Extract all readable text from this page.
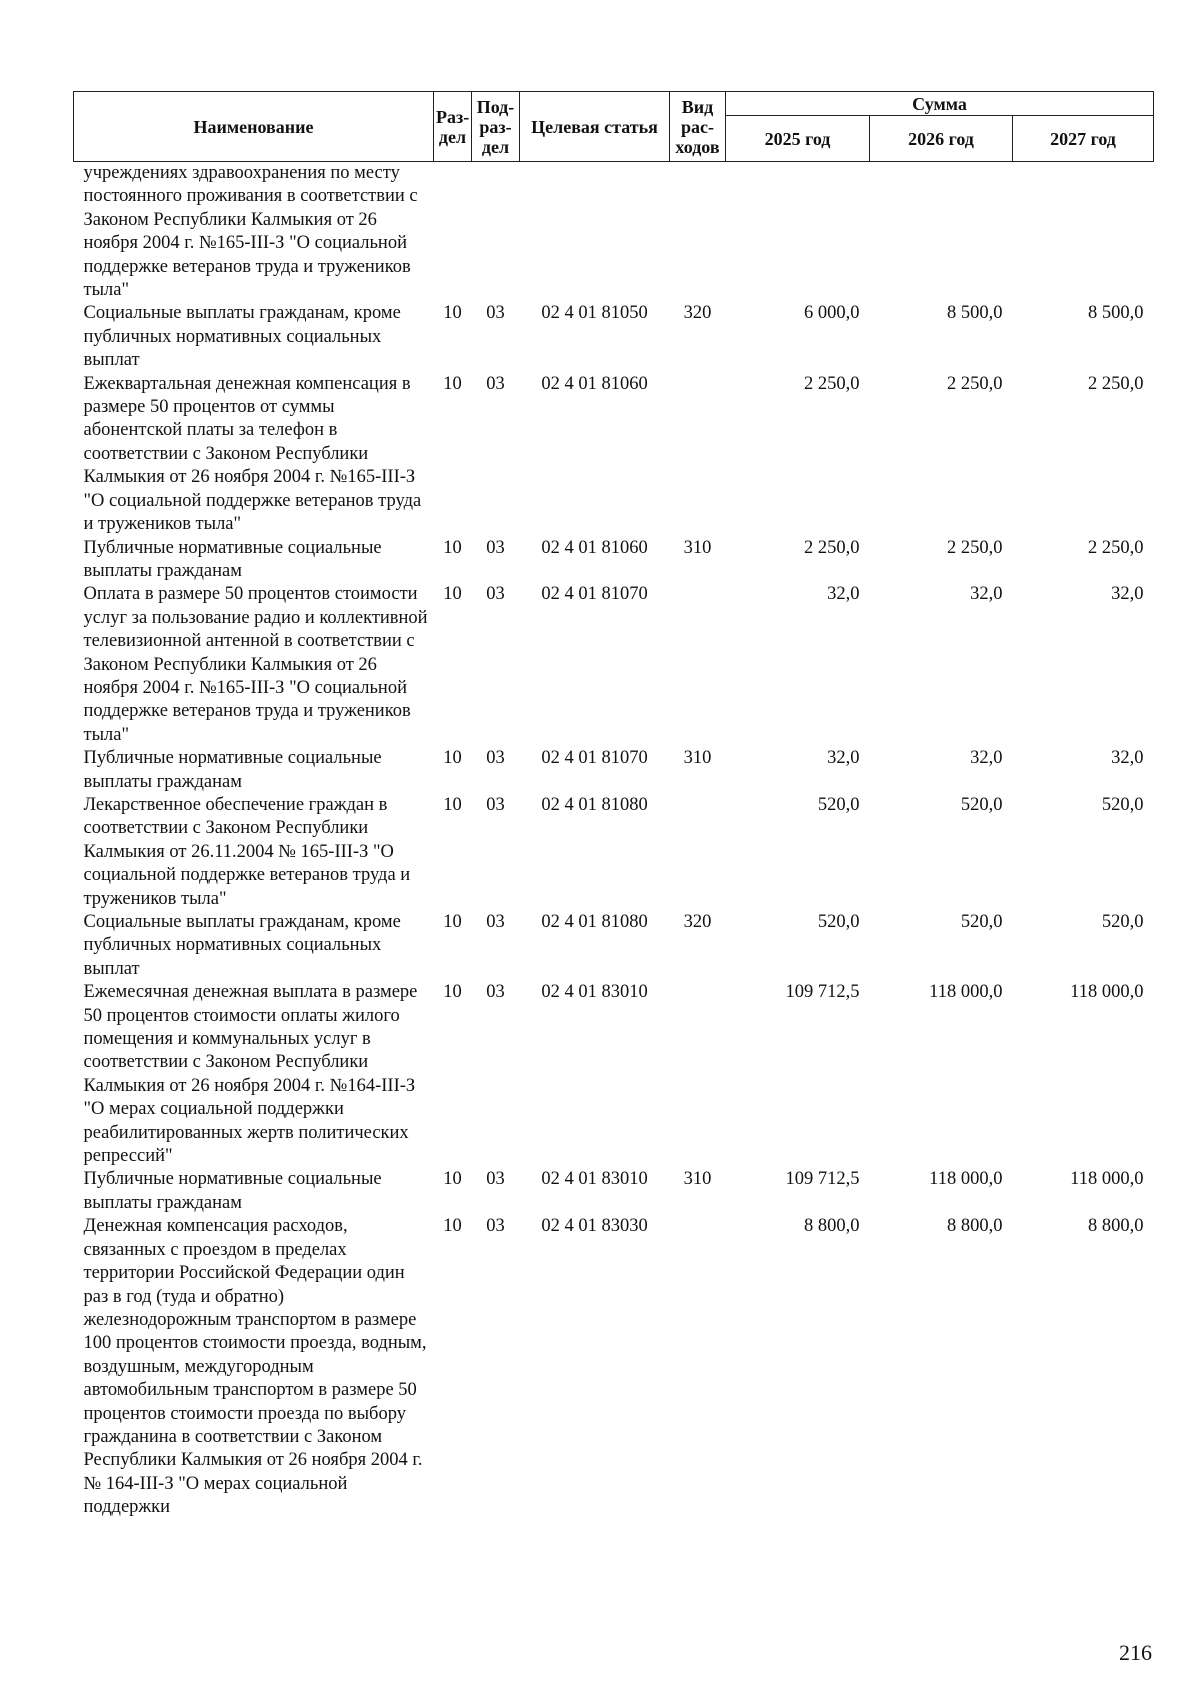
Наименование	Раз-дел	Под-раз-дел	Целевая статья	Вид рас-ходов	Сумма		
					2025 год	2026 год	2027 год
учреждениях здравоохранения по месту постоянного проживания в соответствии с Законом Республики Калмыкия от 26 ноября 2004 г. №165-III-З "О социальной поддержке ветеранов труда и тружеников тыла"							
Социальные выплаты гражданам, кроме публичных нормативных социальных выплат	10	03	02 4 01 81050	320	6 000,0	8 500,0	8 500,0
Ежеквартальная денежная компенсация в размере 50 процентов от суммы абонентской платы за телефон в соответствии с Законом Республики Калмыкия от 26 ноября 2004 г. №165-III-З "О социальной поддержке ветеранов труда и тружеников тыла"	10	03	02 4 01 81060		2 250,0	2 250,0	2 250,0
Публичные нормативные социальные выплаты гражданам	10	03	02 4 01 81060	310	2 250,0	2 250,0	2 250,0
Оплата в размере 50 процентов стоимости услуг за пользование радио и коллективной телевизионной антенной в соответствии с Законом Республики Калмыкия от 26 ноября 2004 г. №165-III-З "О социальной поддержке ветеранов труда и тружеников тыла"	10	03	02 4 01 81070		32,0	32,0	32,0
Публичные нормативные социальные выплаты гражданам	10	03	02 4 01 81070	310	32,0	32,0	32,0
Лекарственное обеспечение граждан в соответствии с Законом Республики Калмыкия от 26.11.2004 № 165-III-З "О социальной поддержке ветеранов труда и тружеников тыла"	10	03	02 4 01 81080		520,0	520,0	520,0
Социальные выплаты гражданам, кроме публичных нормативных социальных выплат	10	03	02 4 01 81080	320	520,0	520,0	520,0
Ежемесячная денежная выплата в размере 50 процентов стоимости оплаты жилого помещения и коммунальных услуг в соответствии с Законом Республики Калмыкия от 26 ноября 2004 г. №164-III-З "О мерах социальной поддержки реабилитированных жертв политических репрессий"	10	03	02 4 01 83010		109 712,5	118 000,0	118 000,0
Публичные нормативные социальные выплаты гражданам	10	03	02 4 01 83010	310	109 712,5	118 000,0	118 000,0
Денежная компенсация расходов, связанных с проездом в пределах территории Российской Федерации один раз в год (туда и обратно) железнодорожным транспортом в размере 100 процентов стоимости проезда, водным, воздушным, междугородным автомобильным транспортом в размере 50 процентов стоимости проезда по выбору гражданина в соответствии с Законом Республики Калмыкия от 26 ноября 2004 г. № 164-III-З "О мерах социальной поддержки	10	03	02 4 01 83030		8 800,0	8 800,0	8 800,0
216
